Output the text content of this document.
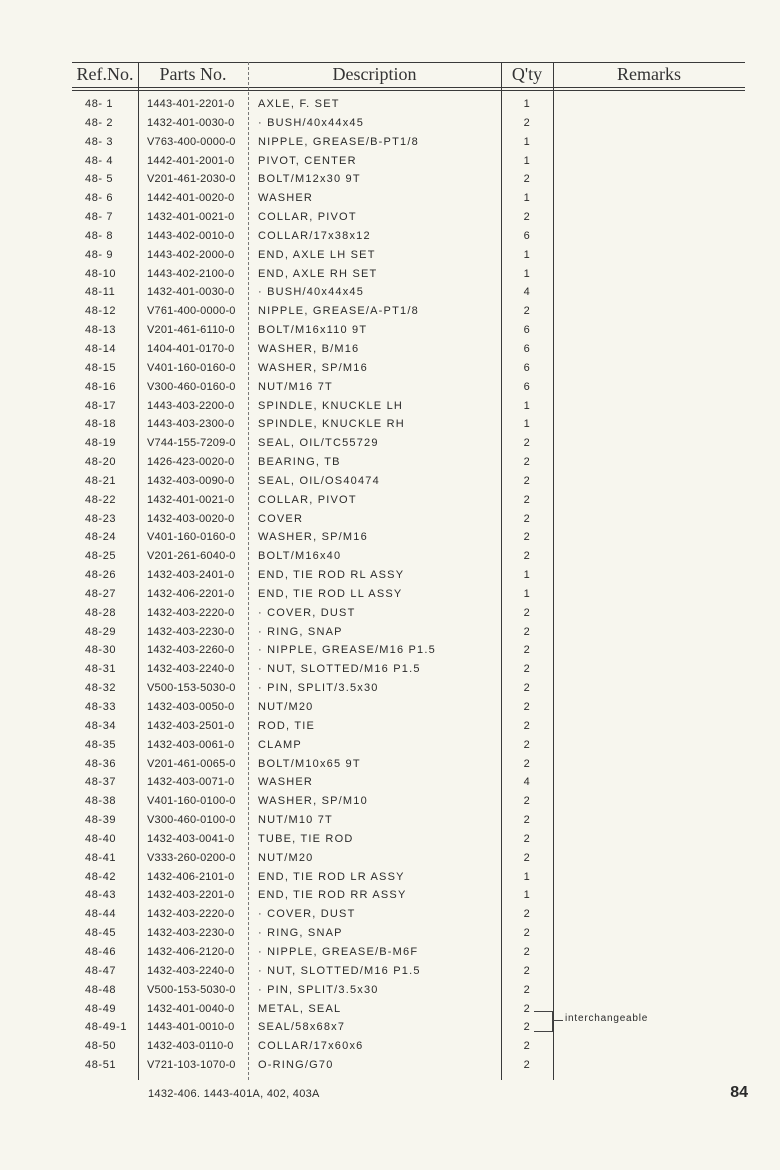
Ref.No.	Parts No.	Description	Q'ty	Remarks
48- 1	1443-401-2201-0	AXLE, F. SET	1
48- 2	1432-401-0030-0	· BUSH/40x44x45	2
48- 3	V763-400-0000-0	NIPPLE, GREASE/B-PT1/8	1
48- 4	1442-401-2001-0	PIVOT, CENTER	1
48- 5	V201-461-2030-0	BOLT/M12x30 9T	2
48- 6	1442-401-0020-0	WASHER	1
48- 7	1432-401-0021-0	COLLAR, PIVOT	2
48- 8	1443-402-0010-0	COLLAR/17x38x12	6
48- 9	1443-402-2000-0	END, AXLE LH SET	1
48-10	1443-402-2100-0	END, AXLE RH SET	1
48-11	1432-401-0030-0	· BUSH/40x44x45	4
48-12	V761-400-0000-0	NIPPLE, GREASE/A-PT1/8	2
48-13	V201-461-6110-0	BOLT/M16x110 9T	6
48-14	1404-401-0170-0	WASHER, B/M16	6
48-15	V401-160-0160-0	WASHER, SP/M16	6
48-16	V300-460-0160-0	NUT/M16 7T	6
48-17	1443-403-2200-0	SPINDLE, KNUCKLE LH	1
48-18	1443-403-2300-0	SPINDLE, KNUCKLE RH	1
48-19	V744-155-7209-0	SEAL, OIL/TC55729	2
48-20	1426-423-0020-0	BEARING, TB	2
48-21	1432-403-0090-0	SEAL, OIL/OS40474	2
48-22	1432-401-0021-0	COLLAR, PIVOT	2
48-23	1432-403-0020-0	COVER	2
48-24	V401-160-0160-0	WASHER, SP/M16	2
48-25	V201-261-6040-0	BOLT/M16x40	2
48-26	1432-403-2401-0	END, TIE ROD RL ASSY	1
48-27	1432-406-2201-0	END, TIE ROD LL ASSY	1
48-28	1432-403-2220-0	· COVER, DUST	2
48-29	1432-403-2230-0	· RING, SNAP	2
48-30	1432-403-2260-0	· NIPPLE, GREASE/M16 P1.5	2
48-31	1432-403-2240-0	· NUT, SLOTTED/M16 P1.5	2
48-32	V500-153-5030-0	· PIN, SPLIT/3.5x30	2
48-33	1432-403-0050-0	NUT/M20	2
48-34	1432-403-2501-0	ROD, TIE	2
48-35	1432-403-0061-0	CLAMP	2
48-36	V201-461-0065-0	BOLT/M10x65 9T	2
48-37	1432-403-0071-0	WASHER	4
48-38	V401-160-0100-0	WASHER, SP/M10	2
48-39	V300-460-0100-0	NUT/M10 7T	2
48-40	1432-403-0041-0	TUBE, TIE ROD	2
48-41	V333-260-0200-0	NUT/M20	2
48-42	1432-406-2101-0	END, TIE ROD LR ASSY	1
48-43	1432-403-2201-0	END, TIE ROD RR ASSY	1
48-44	1432-403-2220-0	· COVER, DUST	2
48-45	1432-403-2230-0	· RING, SNAP	2
48-46	1432-406-2120-0	· NIPPLE, GREASE/B-M6F	2
48-47	1432-403-2240-0	· NUT, SLOTTED/M16 P1.5	2
48-48	V500-153-5030-0	· PIN, SPLIT/3.5x30	2
48-49	1432-401-0040-0	METAL, SEAL	2
48-49-1	1443-401-0010-0	SEAL/58x68x7	2
48-50	1432-403-0110-0	COLLAR/17x60x6	2
48-51	V721-103-1070-0	O-RING/G70	2
interchangeable
1432-406. 1443-401A, 402, 403A	84
